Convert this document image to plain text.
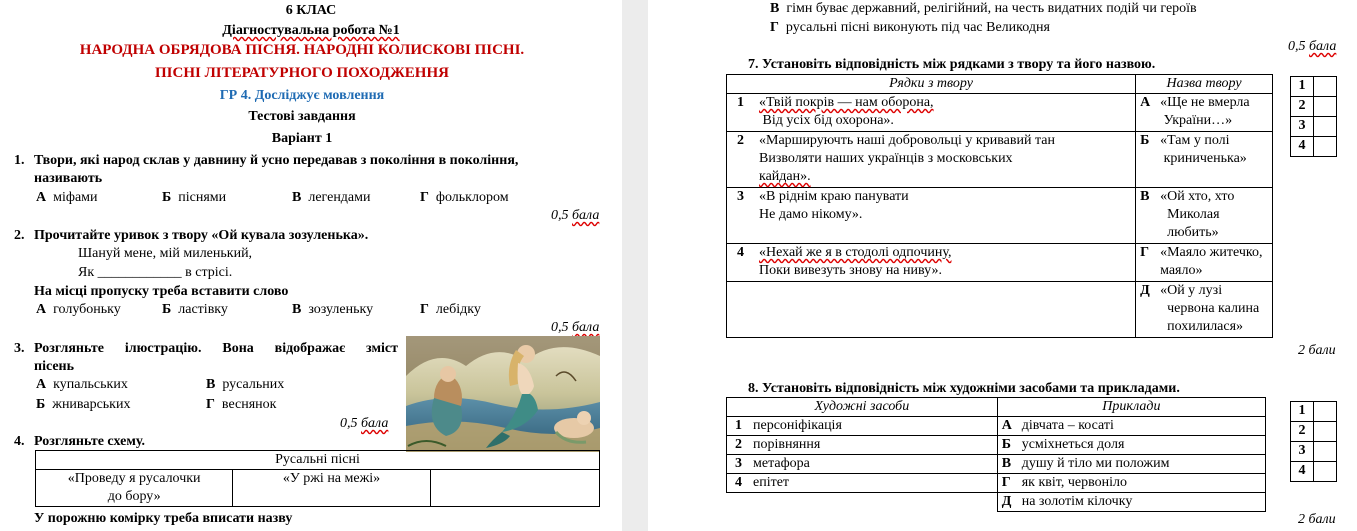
6 КЛАС
Діагностувальна робота №1
НАРОДНА ОБРЯДОВА ПІСНЯ. НАРОДНІ КОЛИСКОВІ ПІСНІ.
ПІСНІ ЛІТЕРАТУРНОГО ПОХОДЖЕННЯ
ГР 4. Досліджує мовлення
Тестові завдання
Варіант 1
1. Твори, які народ склав у давнину й усно передавав з покоління в покоління,
називають
А міфами	Б піснями	В легендами	Г фольклором
0,5 бала
2. Прочитайте уривок з твору «Ой кувала зозуленька».
Шануй мене, мій миленький,
Як ____________ в стрісі.
На місці пропуску треба вставити слово
А голубоньку	Б ластівку	В зозуленьку	Г лебідку
0,5 бала
3. Розгляньте ілюстрацію. Вона відображає зміст
пісень
А купальських	В русальних
Б жниварських	Г веснянок
0,5 бала
4. Розгляньте схему.
Русальні пісні
«Проведу я русалочки
до бору»	«У ржі на межі»	
У порожню комірку треба вписати назву
В гімн буває державний, релігійний, на честь видатних подій чи героїв
Г русальні пісні виконують під час Великодня
0,5 бала
7. Установіть відповідність між рядками з твору та його назвою.
Рядки з твору		Назва твору	
1	«Твій покрів — нам оборона,
Від усіх бід охорона».	А	«Ще не вмерла
України…»
2	«Маршируючть наші добровольці у кривавий тан
Визволяти наших українців з московських
кайдан».	Б	«Там у полі
криниченька»
3	«В ріднім краю панувати
Не дамо нікому».	В	«Ой хто, хто
Миколая
любить»
4	«Нехай же я в стодолі одпочину,
Поки вивезуть знову на ниву».	Г	«Маяло житечко,
маяло»
		Д	«Ой у лузі
червона калина
похилилася»
1	
2	
3	
4	
2 бали
8. Установіть відповідність між художніми засобами та прикладами.
Художні засоби		Приклади	
1	персоніфікація	А	дівчата – косаті
2	порівняння	Б	усміхнеться доля
3	метафора	В	душу й тіло ми положим
4	епітет	Г	як квіт, червоніло
		Д	на золотім кілочку
1	
2	
3	
4	
2 бали
